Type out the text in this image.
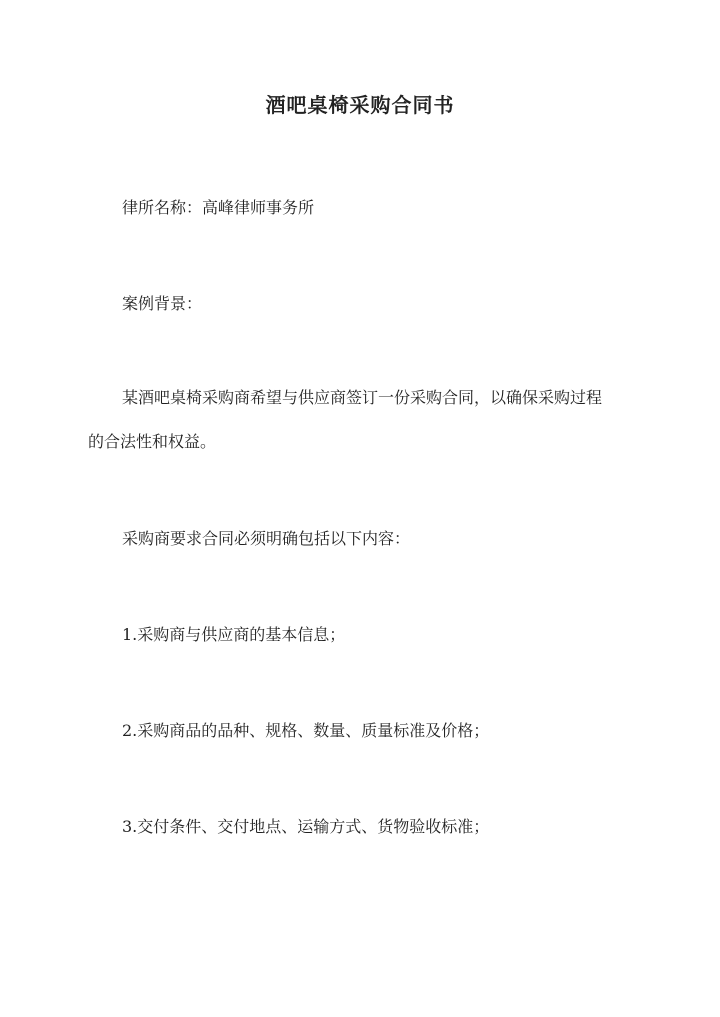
酒吧桌椅采购合同书
律所名称：高峰律师事务所
案例背景：
某酒吧桌椅采购商希望与供应商签订一份采购合同，以确保采购过程
的合法性和权益。
采购商要求合同必须明确包括以下内容：
1.采购商与供应商的基本信息；
2.采购商品的品种、规格、数量、质量标准及价格；
3.交付条件、交付地点、运输方式、货物验收标准；
